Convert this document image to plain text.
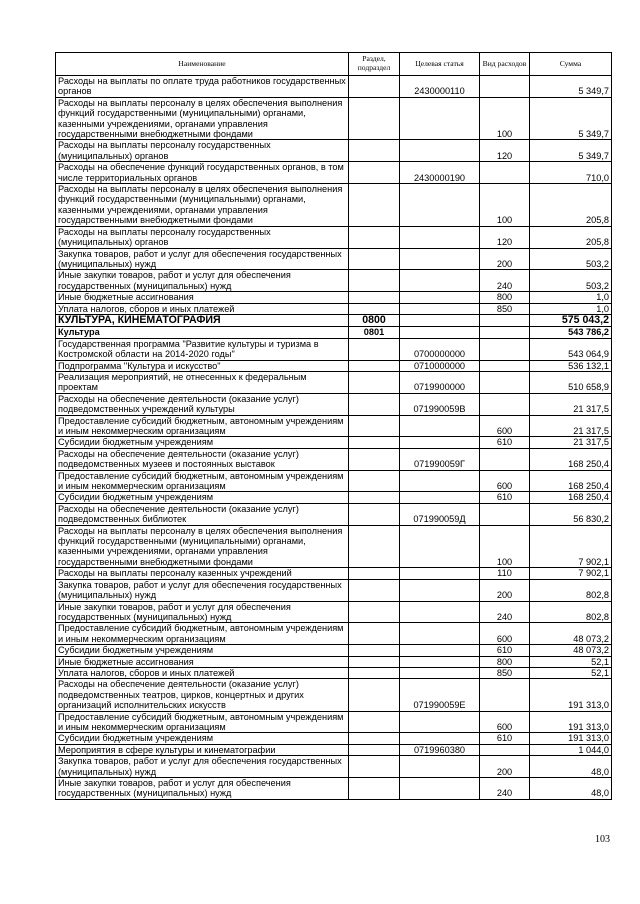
Наименование	Раздел, подраздел	Целевая статья	Вид расходов	Сумма
Расходы на выплаты по оплате труда работников государственных органов		2430000110		5 349,7
Расходы на выплаты персоналу в целях обеспечения выполнения функций государственными (муниципальными) органами, казенными учреждениями, органами управления государственными внебюджетными фондами			100	5 349,7
Расходы на выплаты персоналу государственных (муниципальных) органов			120	5 349,7
Расходы на обеспечение функций государственных органов, в том числе территориальных органов		2430000190		710,0
Расходы на выплаты персоналу в целях обеспечения выполнения функций государственными (муниципальными) органами, казенными учреждениями, органами управления государственными внебюджетными фондами			100	205,8
Расходы на выплаты персоналу государственных (муниципальных) органов			120	205,8
Закупка товаров, работ и услуг для обеспечения государственных (муниципальных) нужд			200	503,2
Иные закупки товаров, работ и услуг для обеспечения государственных (муниципальных) нужд			240	503,2
Иные бюджетные ассигнования			800	1,0
Уплата налогов, сборов и иных платежей			850	1,0
КУЛЬТУРА, КИНЕМАТОГРАФИЯ	0800			575 043,2
Культура	0801			543 786,2
Государственная программа "Развитие культуры и туризма в Костромской области на 2014-2020 годы"		0700000000		543 064,9
Подпрограмма "Культура и искусство"		0710000000		536 132,1
Реализация мероприятий, не отнесенных к федеральным проектам		0719900000		510 658,9
Расходы на обеспечение деятельности (оказание услуг) подведомственных учреждений культуры		071990059В		21 317,5
Предоставление субсидий бюджетным, автономным учреждениям и иным некоммерческим организациям			600	21 317,5
Субсидии бюджетным учреждениям			610	21 317,5
Расходы на обеспечение деятельности (оказание услуг) подведомственных музеев и постоянных выставок		071990059Г		168 250,4
Предоставление субсидий бюджетным, автономным учреждениям и иным некоммерческим организациям			600	168 250,4
Субсидии бюджетным учреждениям			610	168 250,4
Расходы на обеспечение деятельности (оказание услуг) подведомственных библиотек		071990059Д		56 830,2
Расходы на выплаты персоналу в целях обеспечения выполнения функций государственными (муниципальными) органами, казенными учреждениями, органами управления государственными внебюджетными фондами			100	7 902,1
Расходы на выплаты персоналу казенных учреждений			110	7 902,1
Закупка товаров, работ и услуг для обеспечения государственных (муниципальных) нужд			200	802,8
Иные закупки товаров, работ и услуг для обеспечения государственных (муниципальных) нужд			240	802,8
Предоставление субсидий бюджетным, автономным учреждениям и иным некоммерческим организациям			600	48 073,2
Субсидии бюджетным учреждениям			610	48 073,2
Иные бюджетные ассигнования			800	52,1
Уплата налогов, сборов и иных платежей			850	52,1
Расходы на обеспечение деятельности (оказание услуг) подведомственных театров, цирков, концертных и других организаций исполнительских искусств		071990059Е		191 313,0
Предоставление субсидий бюджетным, автономным учреждениям и иным некоммерческим организациям			600	191 313,0
Субсидии бюджетным учреждениям			610	191 313,0
Мероприятия в сфере культуры и кинематографии		0719960380		1 044,0
Закупка товаров, работ и услуг для обеспечения государственных (муниципальных) нужд			200	48,0
Иные закупки товаров, работ и услуг для обеспечения государственных (муниципальных) нужд			240	48,0
103
